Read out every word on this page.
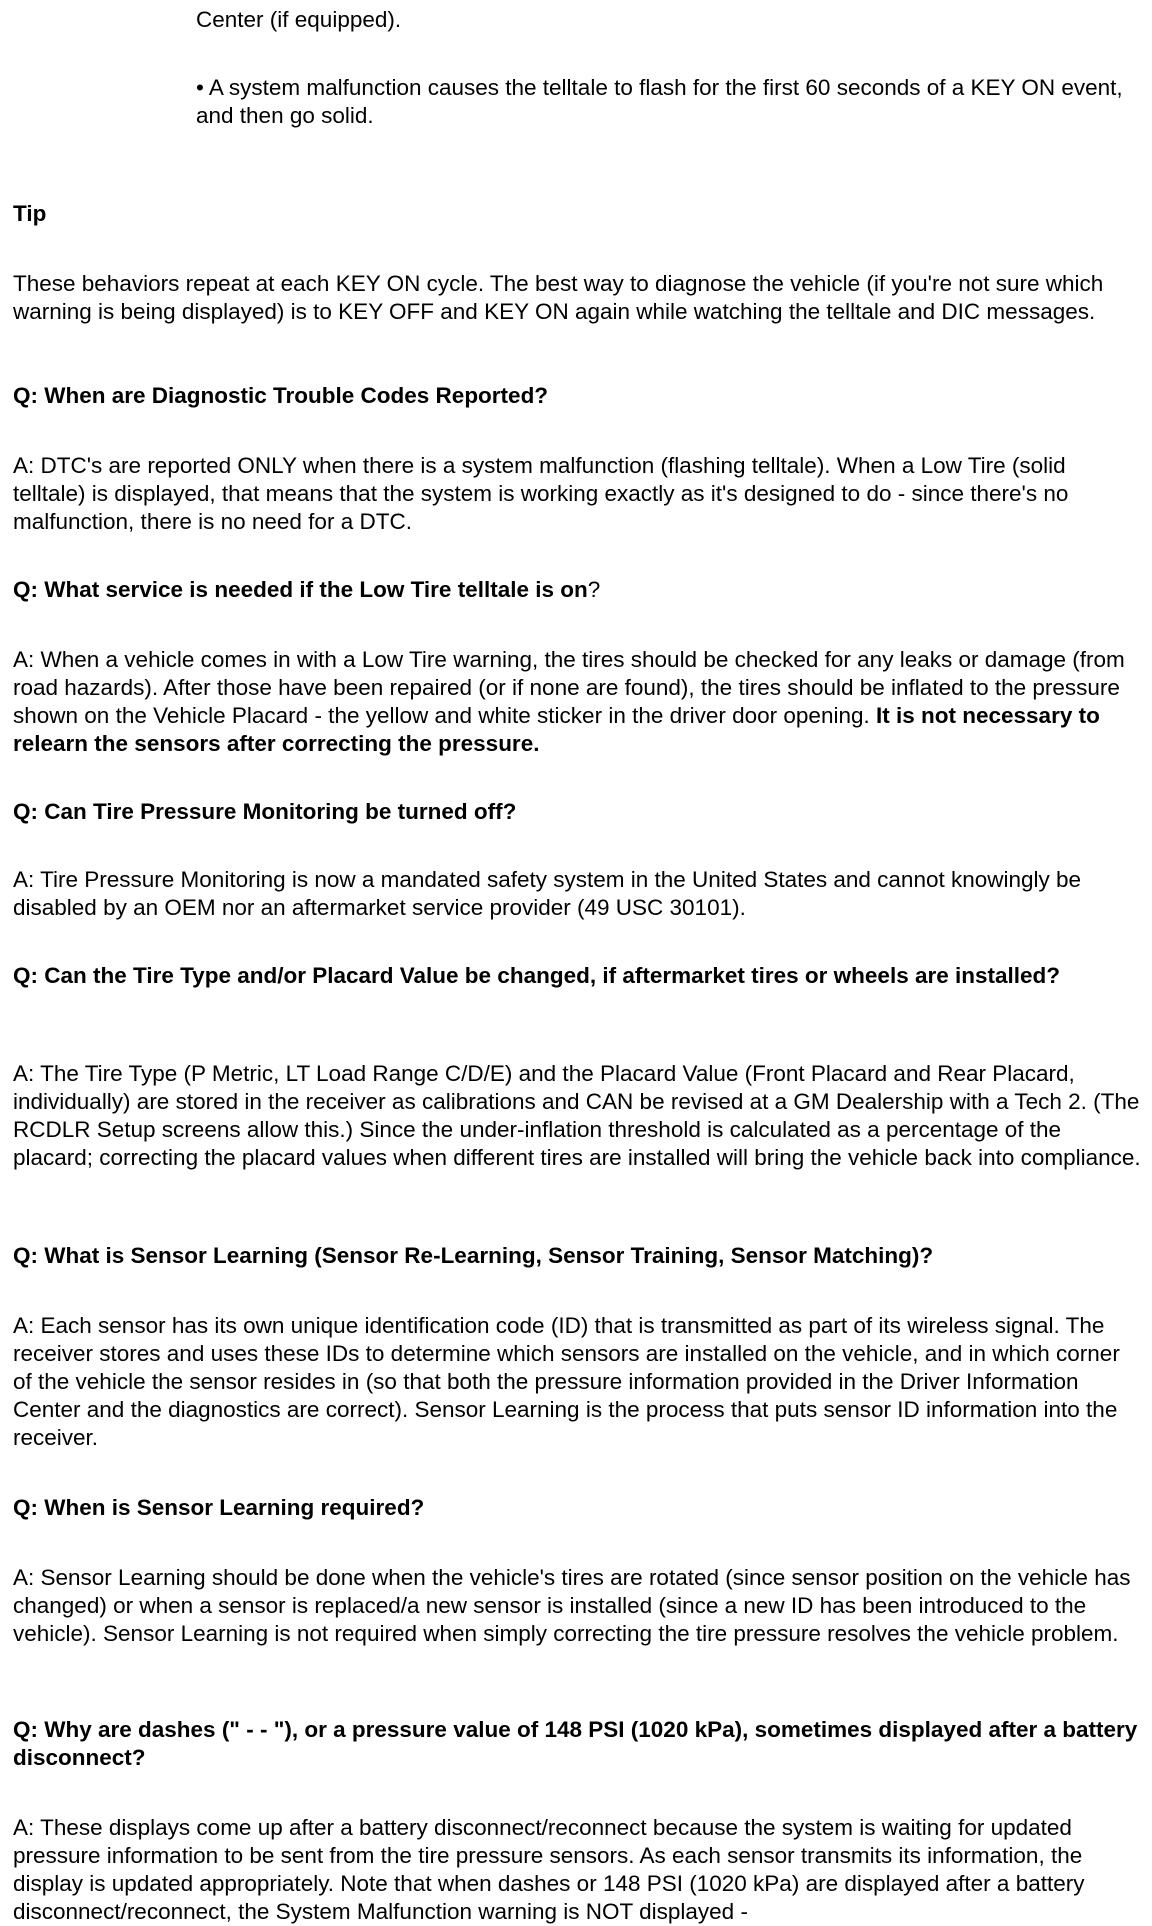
Center (if equipped).

• A system malfunction causes the telltale to flash for the first 60 seconds of a KEY ON event, and then go solid.

Tip

These behaviors repeat at each KEY ON cycle. The best way to diagnose the vehicle (if you're not sure which warning is being displayed) is to KEY OFF and KEY ON again while watching the telltale and DIC messages.

Q: When are Diagnostic Trouble Codes Reported?

A: DTC's are reported ONLY when there is a system malfunction (flashing telltale). When a Low Tire (solid telltale) is displayed, that means that the system is working exactly as it's designed to do - since there's no malfunction, there is no need for a DTC.

Q: What service is needed if the Low Tire telltale is on?

A: When a vehicle comes in with a Low Tire warning, the tires should be checked for any leaks or damage (from road hazards). After those have been repaired (or if none are found), the tires should be inflated to the pressure shown on the Vehicle Placard - the yellow and white sticker in the driver door opening. It is not necessary to relearn the sensors after correcting the pressure.

Q: Can Tire Pressure Monitoring be turned off?

A: Tire Pressure Monitoring is now a mandated safety system in the United States and cannot knowingly be disabled by an OEM nor an aftermarket service provider (49 USC 30101).

Q: Can the Tire Type and/or Placard Value be changed, if aftermarket tires or wheels are installed?

A: The Tire Type (P Metric, LT Load Range C/D/E) and the Placard Value (Front Placard and Rear Placard, individually) are stored in the receiver as calibrations and CAN be revised at a GM Dealership with a Tech 2. (The RCDLR Setup screens allow this.) Since the under-inflation threshold is calculated as a percentage of the placard; correcting the placard values when different tires are installed will bring the vehicle back into compliance.

Q: What is Sensor Learning (Sensor Re-Learning, Sensor Training, Sensor Matching)?

A: Each sensor has its own unique identification code (ID) that is transmitted as part of its wireless signal. The receiver stores and uses these IDs to determine which sensors are installed on the vehicle, and in which corner of the vehicle the sensor resides in (so that both the pressure information provided in the Driver Information Center and the diagnostics are correct). Sensor Learning is the process that puts sensor ID information into the receiver.

Q: When is Sensor Learning required?

A: Sensor Learning should be done when the vehicle's tires are rotated (since sensor position on the vehicle has changed) or when a sensor is replaced/a new sensor is installed (since a new ID has been introduced to the vehicle). Sensor Learning is not required when simply correcting the tire pressure resolves the vehicle problem.

Q: Why are dashes (" - - "), or a pressure value of 148 PSI (1020 kPa), sometimes displayed after a battery disconnect?

A: These displays come up after a battery disconnect/reconnect because the system is waiting for updated pressure information to be sent from the tire pressure sensors. As each sensor transmits its information, the display is updated appropriately. Note that when dashes or 148 PSI (1020 kPa) are displayed after a battery disconnect/reconnect, the System Malfunction warning is NOT displayed -
